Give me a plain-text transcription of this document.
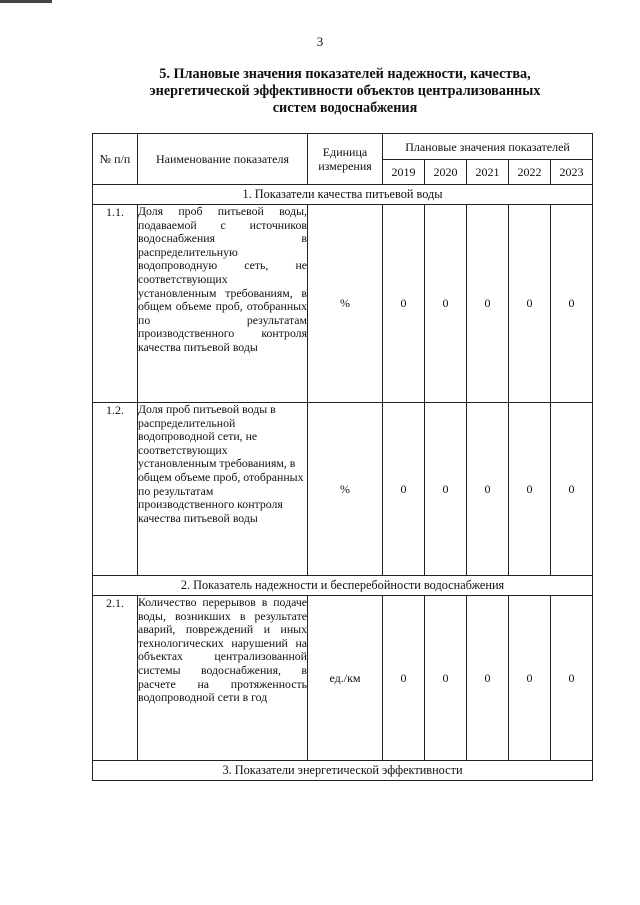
3
5. Плановые значения показателей надежности, качества,
энергетической эффективности объектов централизованных
систем водоснабжения
№ п/п	Наименование показателя	Единица измерения	Плановые значения показателей				
			2019	2020	2021	2022	2023
1. Показатели качества питьевой воды							
1.1.	Доля проб питьевой воды, подаваемой с источников водоснабжения в распределительную водопроводную сеть, не соответствующих установленным требованиям, в общем объеме проб, отобранных по результатам производственного контроля качества питьевой воды	%	0	0	0	0	0
1.2.	Доля проб питьевой воды в распределительной водопроводной сети, не соответствующих установленным требованиям, в общем объеме проб, отобранных по результатам производственного контроля качества питьевой воды	%	0	0	0	0	0
2. Показатель надежности и бесперебойности водоснабжения							
2.1.	Количество перерывов в подаче воды, возникших в результате аварий, повреждений и иных технологических нарушений на объектах централизованной системы водоснабжения, в расчете на протяженность водопроводной сети в год	ед./км	0	0	0	0	0
3. Показатели энергетической эффективности							
